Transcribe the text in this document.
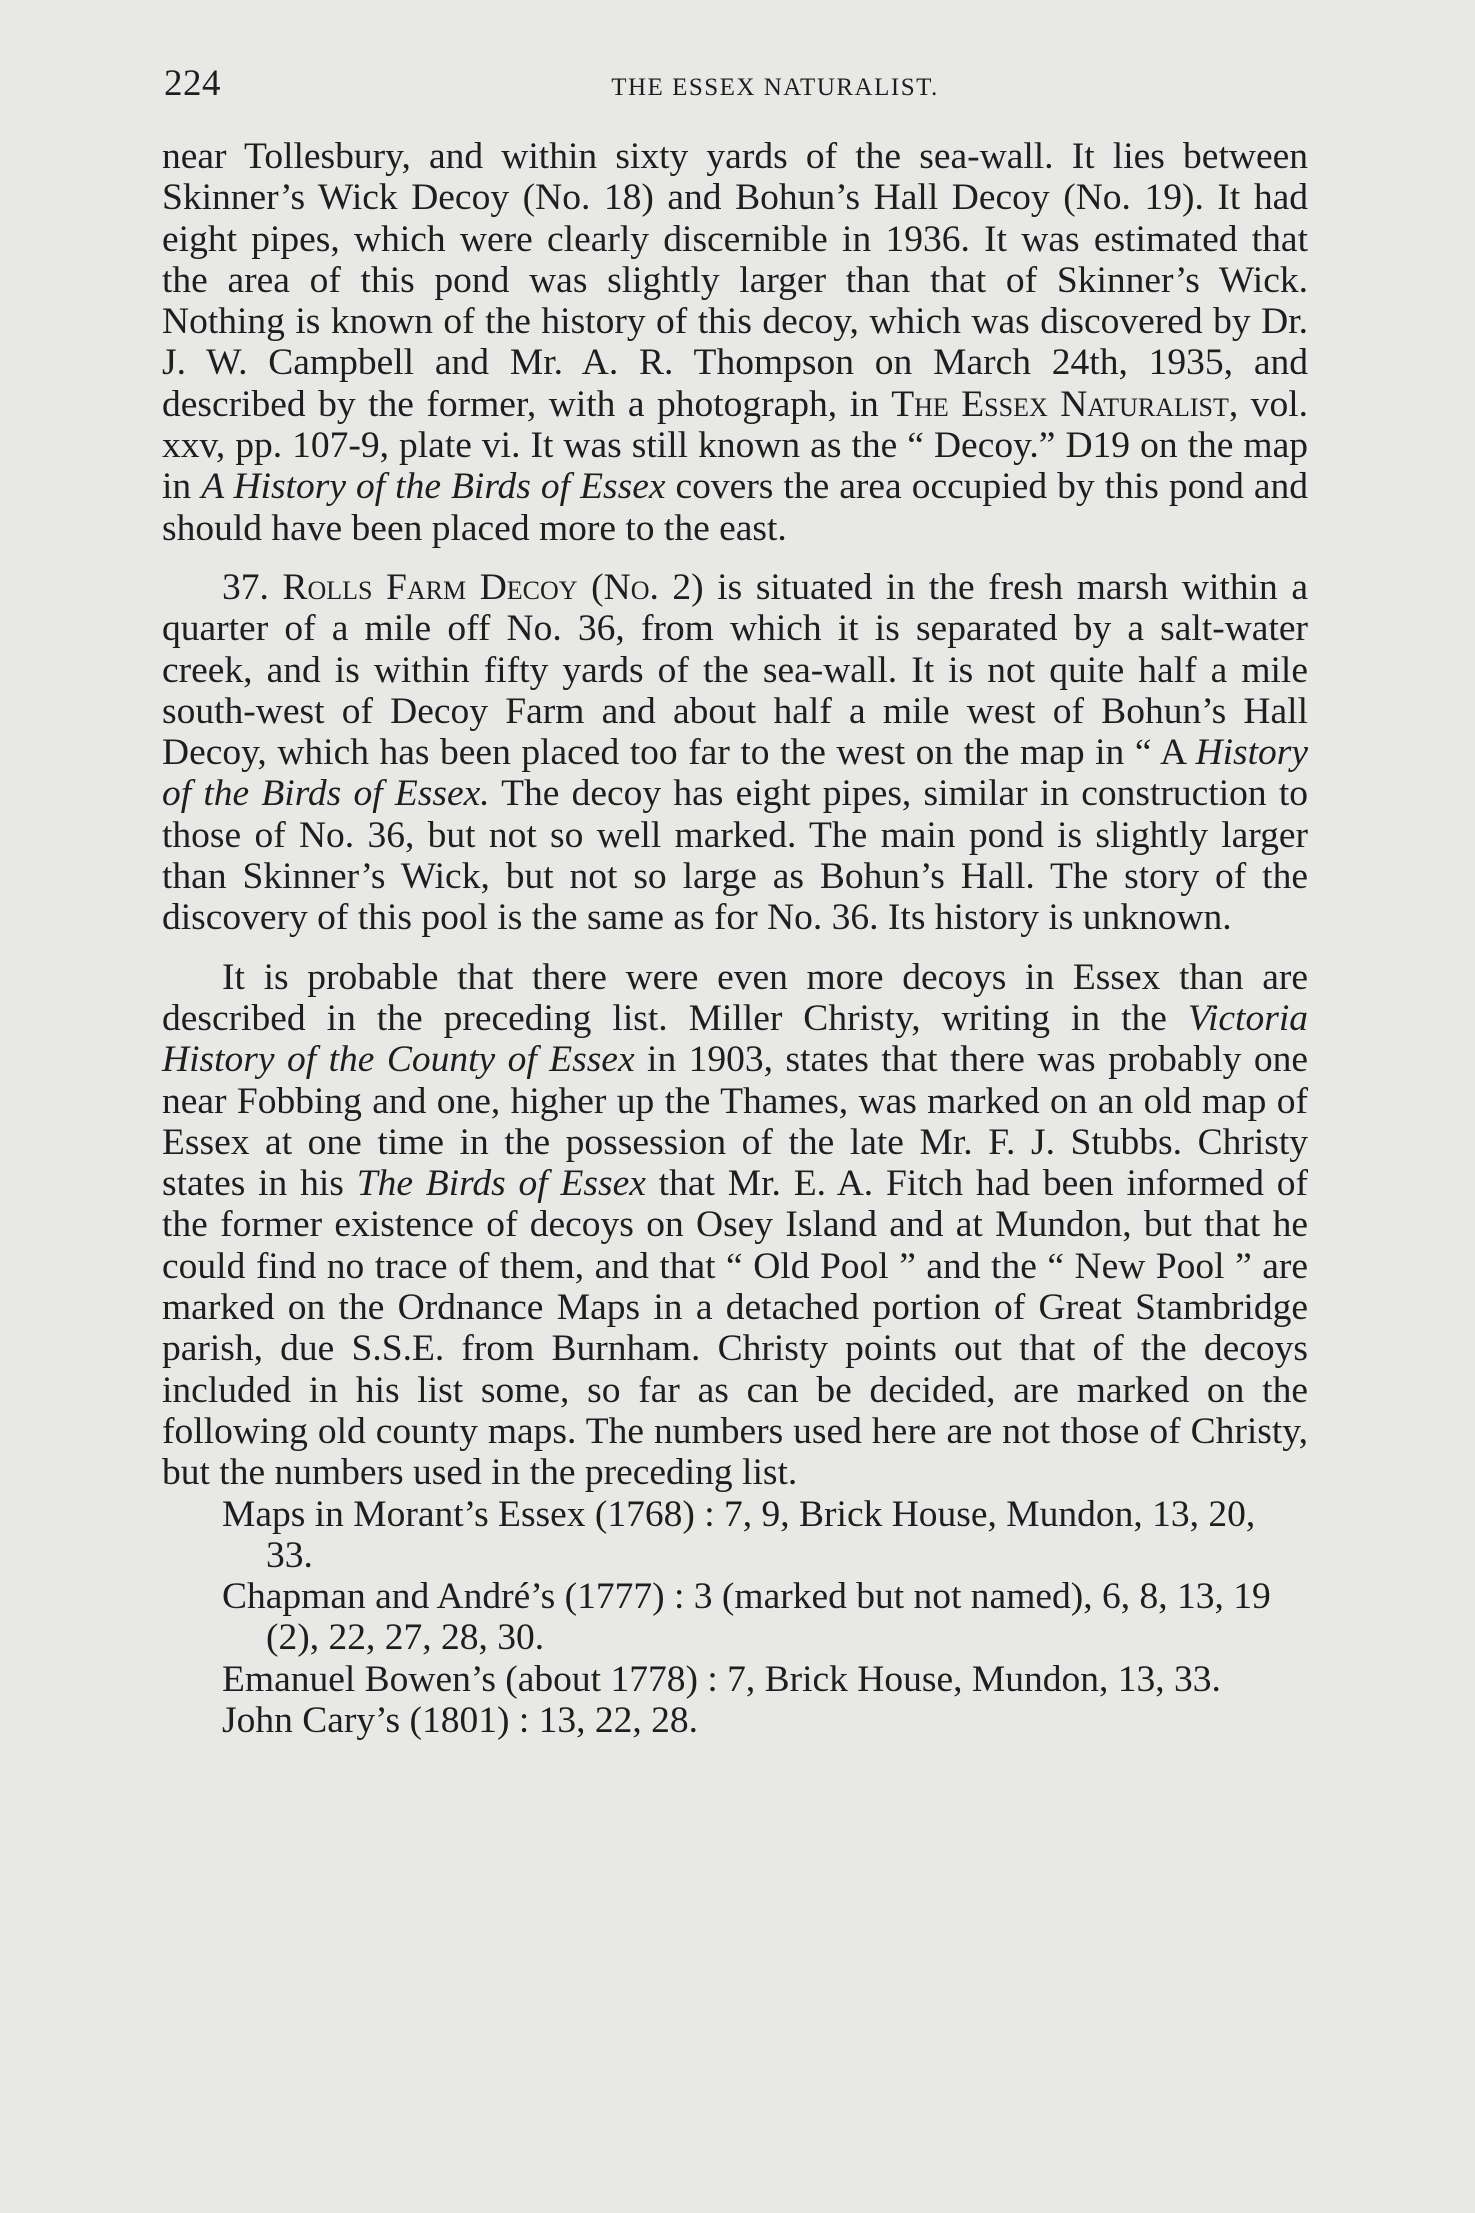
224	THE ESSEX NATURALIST.

near Tollesbury, and within sixty yards of the sea-wall. It lies between Skinner’s Wick Decoy (No. 18) and Bohun’s Hall Decoy (No. 19). It had eight pipes, which were clearly discernible in 1936. It was estimated that the area of this pond was slightly larger than that of Skinner’s Wick. Nothing is known of the history of this decoy, which was discovered by Dr. J. W. Campbell and Mr. A. R. Thompson on March 24th, 1935, and described by the former, with a photograph, in The Essex Naturalist, vol. xxv, pp. 107-9, plate vi. It was still known as the “ Decoy.” D19 on the map in A History of the Birds of Essex covers the area occupied by this pond and should have been placed more to the east.

37. Rolls Farm Decoy (No. 2) is situated in the fresh marsh within a quarter of a mile off No. 36, from which it is separated by a salt-water creek, and is within fifty yards of the sea-wall. It is not quite half a mile south-west of Decoy Farm and about half a mile west of Bohun’s Hall Decoy, which has been placed too far to the west on the map in “ A History of the Birds of Essex. The decoy has eight pipes, similar in construction to those of No. 36, but not so well marked. The main pond is slightly larger than Skinner’s Wick, but not so large as Bohun’s Hall. The story of the discovery of this pool is the same as for No. 36. Its history is unknown.

It is probable that there were even more decoys in Essex than are described in the preceding list. Miller Christy, writing in the Victoria History of the County of Essex in 1903, states that there was probably one near Fobbing and one, higher up the Thames, was marked on an old map of Essex at one time in the possession of the late Mr. F. J. Stubbs. Christy states in his The Birds of Essex that Mr. E. A. Fitch had been informed of the former existence of decoys on Osey Island and at Mundon, but that he could find no trace of them, and that “ Old Pool ” and the “ New Pool ” are marked on the Ordnance Maps in a detached portion of Great Stambridge parish, due S.S.E. from Burnham. Christy points out that of the decoys included in his list some, so far as can be decided, are marked on the following old county maps. The numbers used here are not those of Christy, but the numbers used in the preceding list.

Maps in Morant’s Essex (1768) : 7, 9, Brick House, Mundon, 13, 20, 33.
Chapman and André’s (1777) : 3 (marked but not named), 6, 8, 13, 19 (2), 22, 27, 28, 30.
Emanuel Bowen’s (about 1778) : 7, Brick House, Mundon, 13, 33.
John Cary’s (1801) : 13, 22, 28.
